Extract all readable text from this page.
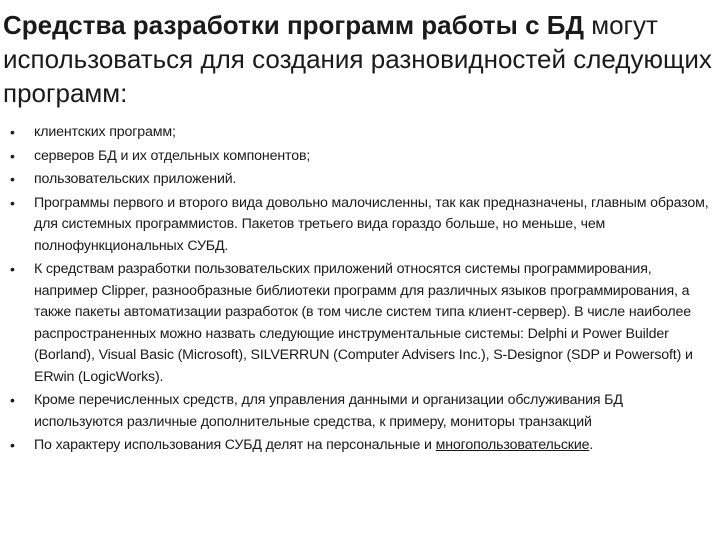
Средства разработки программ работы с БД могут использоваться для создания разновидностей следующих программ:
• клиентских программ;
• серверов БД и их отдельных компонентов;
• пользовательских приложений.
• Программы первого и второго вида довольно малочисленны, так как предназначены, главным образом, для системных программистов. Пакетов третьего вида гораздо больше, но меньше, чем полнофункциональных СУБД.
• К средствам разработки пользовательских приложений относятся системы программирования, например Clipper, разнообразные библиотеки программ для различных языков программирования, а также пакеты автоматизации разработок (в том числе систем типа клиент-сервер). В числе наиболее распространенных можно назвать следующие инструментальные системы: Delphi и Power Builder (Borland), Visual Basic (Microsoft), SILVERRUN (Computer Advisers Inc.), S-Designor (SDP и Powersoft) и ERwin (LogicWorks).
• Кроме перечисленных средств, для управления данными и организации обслуживания БД используются различные дополнительные средства, к примеру, мониторы транзакций
• По характеру использования СУБД делят на персональные и многопользовательские.
